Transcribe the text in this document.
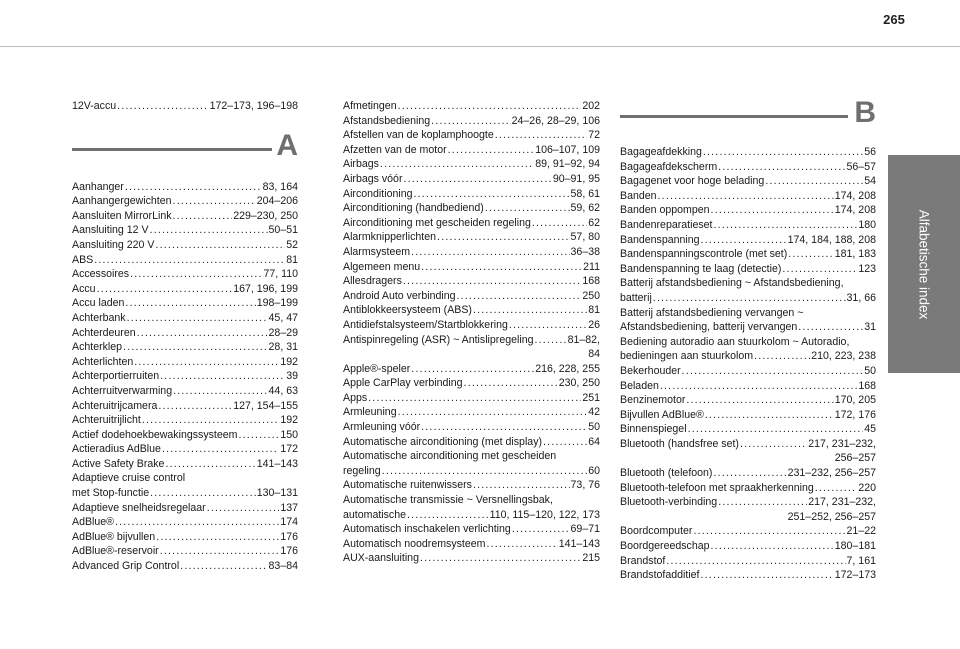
265
Alfabetische index
12V-accu .....	172–173, 196–198
A
Aanhanger .....	83, 164
Aanhangergewichten .....	204–206
Aansluiten MirrorLink .....	229–230, 250
Aansluiting 12 V .....	50–51
Aansluiting 220 V .....	52
ABS .....	81
Accessoires .....	77, 110
Accu .....	167, 196, 199
Accu laden .....	198–199
Achterbank .....	45, 47
Achterdeuren .....	28–29
Achterklep .....	28, 31
Achterlichten .....	192
Achterportierruiten .....	39
Achterruitverwarming .....	44, 63
Achteruitrijcamera .....	127, 154–155
Achteruitrijlicht .....	192
Actief dodehoekbewakingssysteem .....	150
Actieradius AdBlue .....	172
Active Safety Brake .....	141–143
Adaptieve cruise control
met Stop-functie .....	130–131
Adaptieve snelheidsregelaar .....	137
AdBlue® .....	174
AdBlue® bijvullen .....	176
AdBlue®-reservoir .....	176
Advanced Grip Control .....	83–84
Afmetingen .....	202
Afstandsbediening .....	24–26, 28–29, 106
Afstellen van de koplamphoogte .....	72
Afzetten van de motor .....	106–107, 109
Airbags .....	89, 91–92, 94
Airbags vóór .....	90–91, 95
Airconditioning .....	58, 61
Airconditioning (handbediend) .....	59, 62
Airconditioning met gescheiden regeling .....	62
Alarmknipperlichten .....	57, 80
Alarmsysteem .....	36–38
Algemeen menu .....	211
Allesdragers .....	168
Android Auto verbinding .....	250
Antiblokkeersysteem (ABS) .....	81
Antidiefstalsysteem/Startblokkering .....	26
Antispinregeling (ASR) ~ Antislipregeling .....	81–82,
84
Apple®-speler .....	216, 228, 255
Apple CarPlay verbinding .....	230, 250
Apps .....	251
Armleuning .....	42
Armleuning vóór .....	50
Automatische airconditioning (met display) .....	64
Automatische airconditioning met gescheiden
regeling .....	60
Automatische ruitenwissers .....	73, 76
Automatische transmissie ~ Versnellingsbak,
automatische .....	110, 115–120, 122, 173
Automatisch inschakelen verlichting .....	69–71
Automatisch noodremsysteem .....	141–143
AUX-aansluiting .....	215
B
Bagageafdekking .....	56
Bagageafdekscherm .....	56–57
Bagagenet voor hoge belading .....	54
Banden .....	174, 208
Banden oppompen .....	174, 208
Bandenreparatieset .....	180
Bandenspanning .....	174, 184, 188, 208
Bandenspanningscontrole (met set) .....	181, 183
Bandenspanning te laag (detectie) .....	123
Batterij afstandsbediening ~ Afstandsbediening,
batterij .....	31, 66
Batterij afstandsbediening vervangen ~
Afstandsbediening, batterij vervangen .....	31
Bediening autoradio aan stuurkolom ~ Autoradio,
bedieningen aan stuurkolom .....	210, 223, 238
Bekerhouder .....	50
Beladen .....	168
Benzinemotor .....	170, 205
Bijvullen AdBlue® .....	172, 176
Binnenspiegel .....	45
Bluetooth (handsfree set) .....	217, 231–232,
256–257
Bluetooth (telefoon) .....	231–232, 256–257
Bluetooth-telefoon met spraakherkenning .....	220
Bluetooth-verbinding .....	217, 231–232,
251–252, 256–257
Boordcomputer .....	21–22
Boordgereedschap .....	180–181
Brandstof .....	7, 161
Brandstofadditief .....	172–173
